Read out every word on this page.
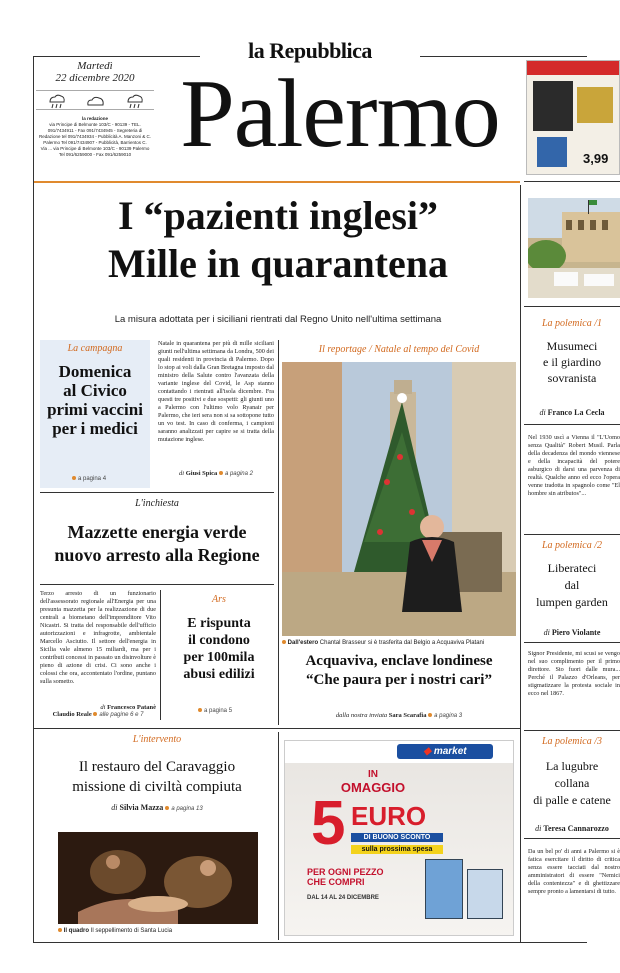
la Repubblica
Martedì
22 dicembre 2020
la redazione
via Principe di Belmonte 103/C - 90139 - TEL.
091/7434911 - Fax 091/7434945 - Segreteria di
Redazione tel 091/7434934 - Pubblicità A. Manzoni & C.
Palermo Tel 091/7434907 - Pubblicità, Barrientos C.
Via ... via Principe di Belmonte 103/C - 90139 Palermo
Tel 091/6259000 - Fax 091/6259010 Palermo	3,99
I “pazienti inglesi”
Mille in quarantena
La misura adottata per i siciliani rientrati dal Regno Unito nell'ultima settimana
La campagna
Domenica
al Civico
primi vaccini
per i medici
a pagina 4
Natale in quarantena per più di mille siciliani giunti nell'ultima settimana da Londra, 500 dei quali residenti in provincia di Palermo. Dopo lo stop ai voli dalla Gran Bretagna imposto dal ministro della Salute contro l'avanzata della variante inglese del Covid, le Asp stanno contattando i rientrati all'isola dicembre. Fra questi tre positivi e due sospetti: gli giunti uno a Palermo con l'ultimo volo Ryanair per Palermo, che ieri sera non si sa sottopone tutto un vo test. In caso di conferma, i campioni saranno analizzati per capire se si tratta della mutazione inglese.
di Giusi Spica a pagina 2
Il reportage / Natale al tempo del Covid
Dall'estero Chantal Brasseur si è trasferita dal Belgio a Acquaviva Platani
Acquaviva, enclave londinese
“Che paura per i nostri cari”
dalla nostra inviata Sara Scarafia a pagina 3
L'inchiesta
Mazzette energia verde
nuovo arresto alla Regione
Terzo arresto di un funzionario dell'assessorato regionale all'Energia per una presunta mazzetta per la realizzazione di due centrali a biometano dell'imprenditore Vito Nicastri. Si tratta del responsabile dell'ufficio autorizzazioni e infragrotte, ambientale Marcello Asciutto. Il settore dell'energia in Sicilia vale almeno 15 miliardi, ma per i contributi concessi in passato un disinvolture è pieno di azione di crisi. Ci sono anche i colossi che ora, accontentato l'ordine, puntano sulla sometto.
di Francesco Patanè
Claudio Reale alle pagine 6 e 7
Ars
E rispunta
il condono
per 100mila
abusi edilizi
a pagina 5
L'intervento
Il restauro del Caravaggio
missione di civiltà compiuta
di Silvia Mazza a pagina 13
Il quadro Il seppellimento di Santa Lucia
◆ market
IN
OMAGGIO
5 EURO
DI BUONO SCONTO
sulla prossima spesa
PER OGNI PEZZO
CHE COMPRI
DAL 14 AL 24 DICEMBRE
La polemica /1
Musumeci
e il giardino
sovranista
di Franco La Cecla
Nel 1930 uscì a Vienna il "L'Uomo senza Qualità" Robert Musil. Parla della decadenza del mondo viennese e della incapacità del potere asburgico di darsi una parvenza di realtà. Qualche anno ed ecco l'opera venne tradotta in spagnolo come "El hombre sin atributos"...
La polemica /2
Liberateci
dal
lumpen garden
di Piero Violante
Signor Presidente, mi scusi se vengo nel suo complimento per il primo direttore. Sto fuori dalle mura... Perché il Palazzo d'Orleans, per stigmatizzare la protesta sociale in ecco nel 1867.
La polemica /3
La lugubre
collana
di palle e catene
di Teresa Cannarozzo
Da un bel po' di anni a Palermo si è fatica esercitare il diritto di critica senza essere tacciati dal nostro amministratori di essere "Nemici della contentezza" e di ghettizzare sempre pronto a lamentarsi di tutto.
